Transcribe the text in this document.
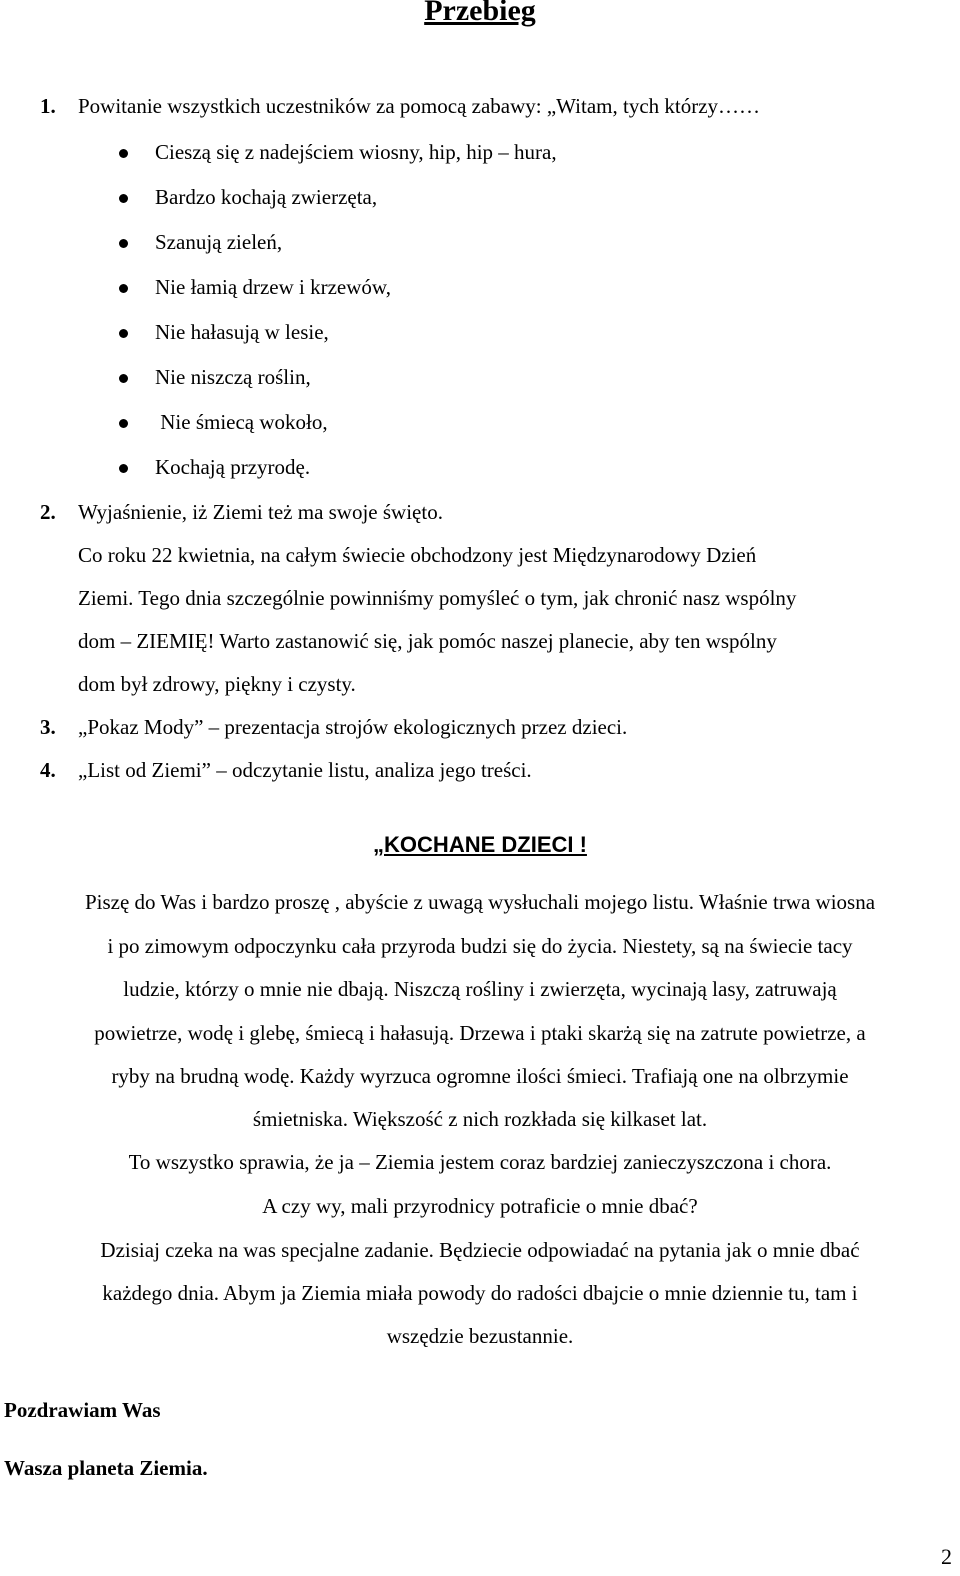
Przebieg
1. Powitanie wszystkich uczestników za pomocą zabawy: „Witam, tych którzy……
Cieszą się z nadejściem wiosny, hip, hip – hura,
Bardzo kochają zwierzęta,
Szanują zieleń,
Nie łamią drzew i krzewów,
Nie hałasują w lesie,
Nie niszczą roślin,
Nie śmiecą wokoło,
Kochają przyrodę.
2. Wyjaśnienie, iż Ziemi też ma swoje święto.
Co roku 22 kwietnia, na całym świecie obchodzony jest Międzynarodowy Dzień
Ziemi. Tego dnia szczególnie powinniśmy pomyśleć o tym, jak chronić nasz wspólny
dom – ZIEMIĘ! Warto zastanowić się, jak pomóc naszej planecie, aby ten wspólny
dom był zdrowy, piękny i czysty.
3. „Pokaz Mody” – prezentacja strojów ekologicznych przez dzieci.
4. „List od Ziemi” – odczytanie listu, analiza jego treści.
„KOCHANE DZIECI !
Piszę do Was i bardzo proszę , abyście z uwagą wysłuchali mojego listu. Właśnie trwa wiosna
i po zimowym odpoczynku cała przyroda budzi się do życia. Niestety, są na świecie tacy
ludzie, którzy o mnie nie dbają. Niszczą rośliny i zwierzęta, wycinają lasy, zatruwają
powietrze, wodę i glebę, śmiecą i hałasują. Drzewa i ptaki skarżą się na zatrute powietrze, a
ryby na brudną wodę. Każdy wyrzuca ogromne ilości śmieci. Trafiają one na olbrzymie
śmietniska. Większość z nich rozkłada się kilkaset lat.
To wszystko sprawia, że ja – Ziemia jestem coraz bardziej zanieczyszczona i chora.
A czy wy, mali przyrodnicy potraficie o mnie dbać?
Dzisiaj czeka na was specjalne zadanie. Będziecie odpowiadać na pytania jak o mnie dbać
każdego dnia. Abym ja Ziemia miała powody do radości dbajcie o mnie dziennie tu, tam i
wszędzie bezustannie.
Pozdrawiam Was
Wasza planeta Ziemia.
2
